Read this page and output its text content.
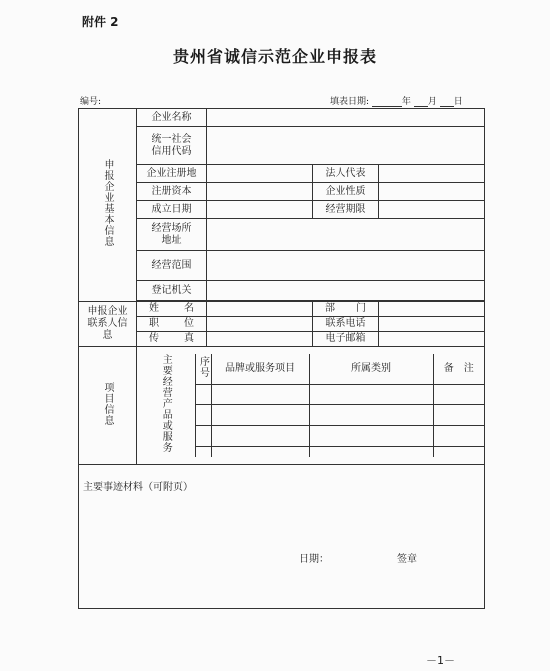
附件 2
贵州省诚信示范企业申报表
编号:	填表日期:	年 月 日
申报企业基本信息	企业名称	

统一社会信用代码

企业注册地		法人代表	
注册资本		企业性质	
成立日期		经营期限	

经营场所地址

经营范围	
登记机关	

申报企业联系人信息

姓	名		部 门

职	位		联系电话	

传	真		电子邮箱	
项目信息		主要经营产品或服务	序号	品牌或服务项目	所属类别	备　注

主要事迹材料（可附页）
日期：	签章
－1－
